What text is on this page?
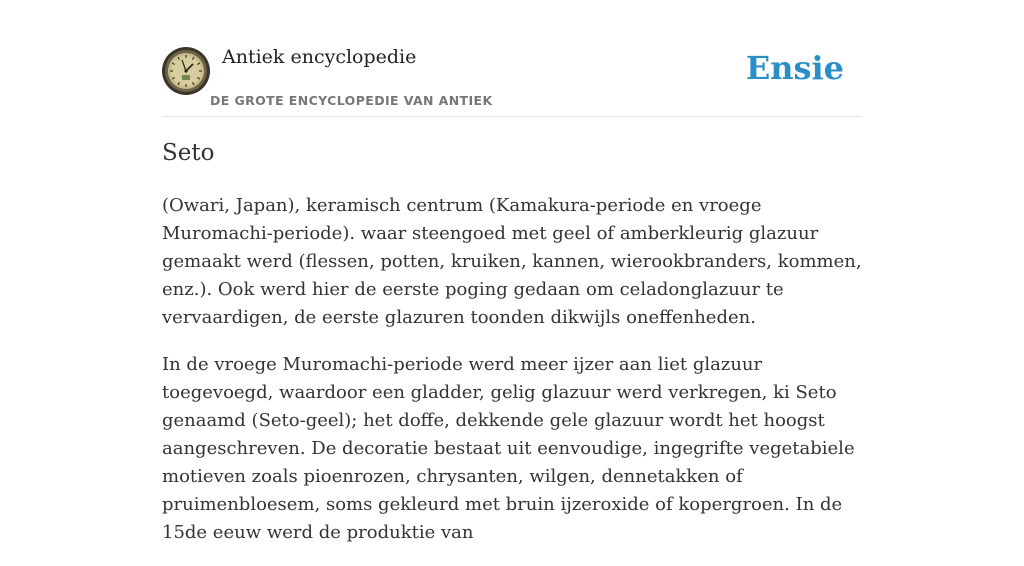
Antiek encyclopedie
DE GROTE ENCYCLOPEDIE VAN ANTIEK
Ensie
Seto

(Owari, Japan), keramisch centrum (Kamakura-periode en vroege Muromachi-periode). waar steengoed met geel of amberkleurig glazuur gemaakt werd (flessen, potten, kruiken, kannen, wierookbranders, kommen, enz.). Ook werd hier de eerste poging gedaan om celadonglazuur te vervaardigen, de eerste glazuren toonden dikwijls oneffenheden.

In de vroege Muromachi-periode werd meer ijzer aan liet glazuur toegevoegd, waardoor een gladder, gelig glazuur werd verkregen, ki Seto genaamd (Seto-geel); het doffe, dekkende gele glazuur wordt het hoogst aangeschreven. De decoratie bestaat uit eenvoudige, ingegrifte vegetabiele motieven zoals pioenrozen, chrysanten, wilgen, dennetakken of pruimenbloesem, soms gekleurd met bruin ijzeroxide of kopergroen. In de 15de eeuw werd de produktie van
